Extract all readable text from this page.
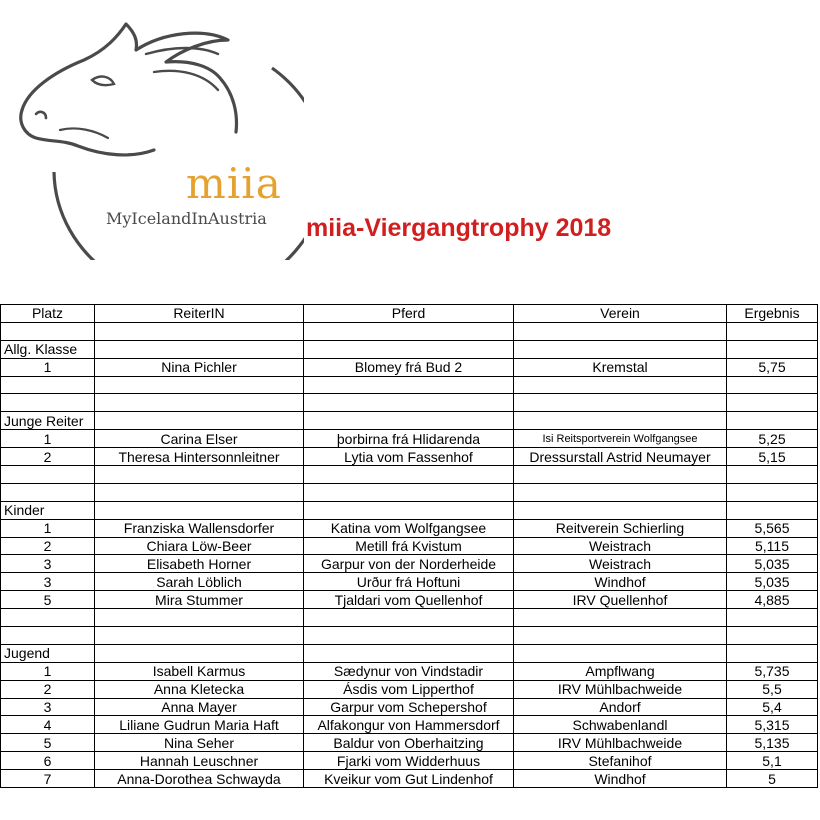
miia
MyIcelandInAustria miia-Viergangtrophy 2018
Platz	ReiterIN	Pferd	Verein	Ergebnis

Allg. Klasse				
1	Nina Pichler	Blomey frá Bud 2	Kremstal	5,75

Junge Reiter				
1	Carina Elser	þorbirna frá Hlidarenda	Isi Reitsportverein Wolfgangsee	5,25
2	Theresa Hintersonnleitner	Lytia vom Fassenhof	Dressurstall Astrid Neumayer	5,15

Kinder				
1	Franziska Wallensdorfer	Katina vom Wolfgangsee	Reitverein Schierling	5,565
2	Chiara Löw-Beer	Metill frá Kvistum	Weistrach	5,115
3	Elisabeth Horner	Garpur von der Norderheide	Weistrach	5,035
3	Sarah Löblich	Urður frá Hoftuni	Windhof	5,035
5	Mira Stummer	Tjaldari vom Quellenhof	IRV Quellenhof	4,885

Jugend				
1	Isabell Karmus	Sædynur von Vindstadir	Ampflwang	5,735
2	Anna Kletecka	Ásdis vom Lipperthof	IRV Mühlbachweide	5,5
3	Anna Mayer	Garpur vom Schepershof	Andorf	5,4
4	Liliane Gudrun Maria Haft	Alfakongur von Hammersdorf	Schwabenlandl	5,315
5	Nina Seher	Baldur von Oberhaitzing	IRV Mühlbachweide	5,135
6	Hannah Leuschner	Fjarki vom Widderhuus	Stefanihof	5,1
7	Anna-Dorothea Schwayda	Kveikur vom Gut Lindenhof	Windhof	5
